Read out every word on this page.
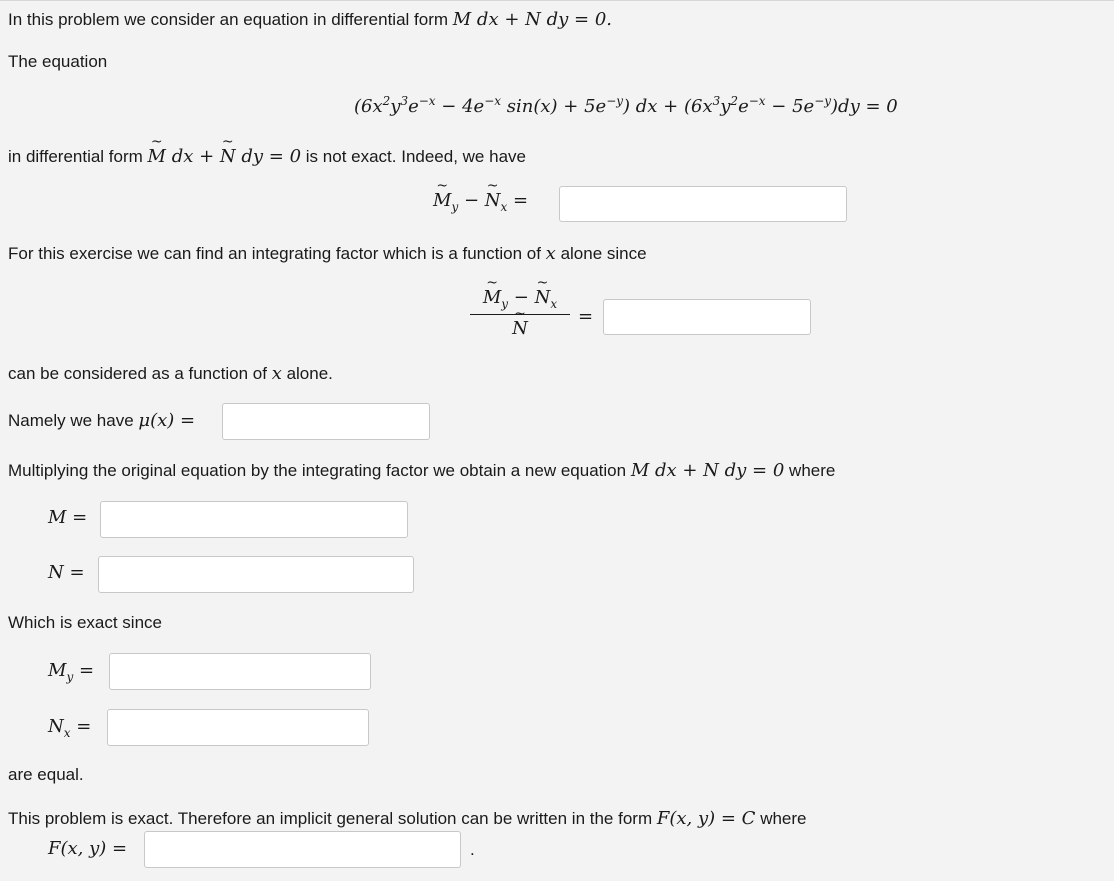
In this problem we consider an equation in differential form M dx + N dy = 0.
The equation
($6x^2y^3e^{-x} - 4e^{-x}$ $\sin(x) + 5e^{-y}$) dx + $(6x^3y^2e^{-x} - 5e^{-y})dy = 0$
in differential form ~ M dx + ~ N dy = 0 is not exact. Indeed, we have
~ $M_y$ − ~ $N_x$ =
For this exercise we can find an integrating factor which is a function of x alone since
~ $M_y$ − ~ $N_x$
~ N
=
can be considered as a function of x alone.
Namely we have μ(x) =
Multiplying the original equation by the integrating factor we obtain a new equation M dx + N dy = 0 where
M =
N =
Which is exact since
$M_y$ =
$N_x$ =
are equal.
This problem is exact. Therefore an implicit general solution can be written in the form F(x, y) = C where
F(x, y) =	.
